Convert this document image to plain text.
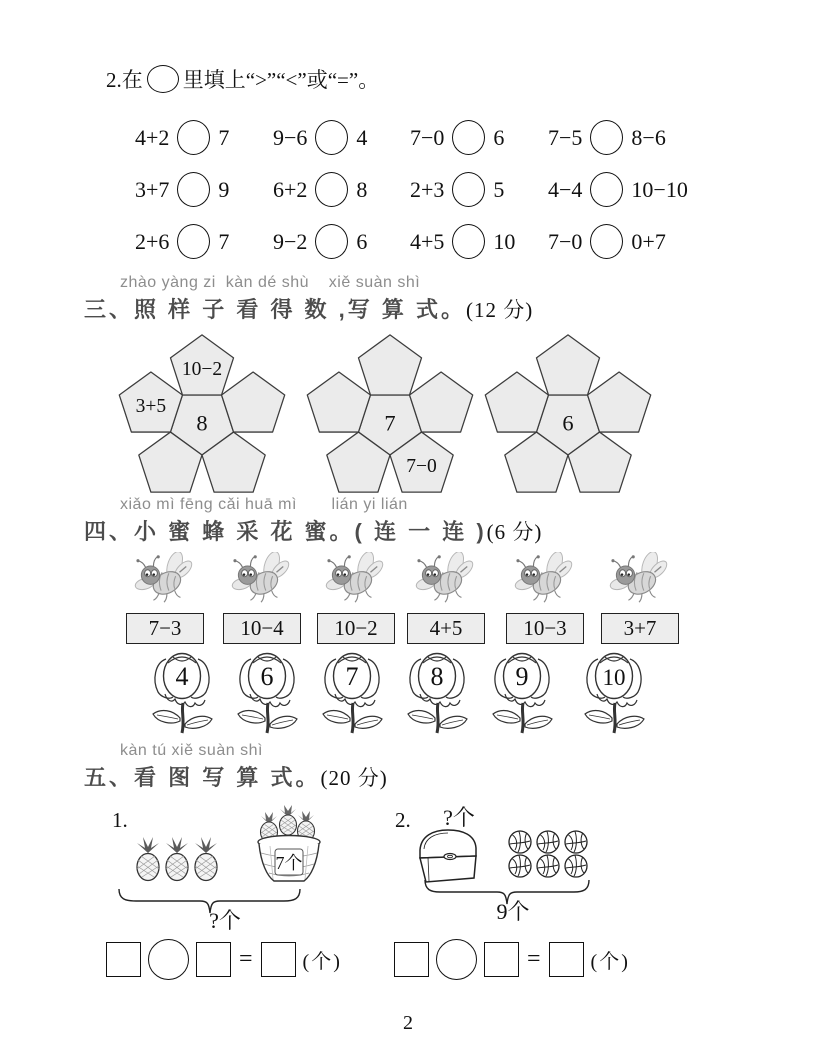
2.在 里填上“>”“<”或“=”。
4+2 7 9−6 4 7−0 6 7−5 8−6
3+7 9 6+2 8 2+3 5 4−4 10−10
2+6 7 9−2 6 4+5 10 7−0 0+7
zhào yàng zi  kàn dé shù    xiě suàn shì
三、照 样 子 看 得 数 ,写 算 式。(12 分)
8
3+5
10−2
7
7−0
6
xiǎo mì fēng cǎi huā mì       lián yi lián
四、小 蜜 蜂 采 花 蜜。( 连 一 连 )(6 分)
7−3	10−4	10−2	4+5	10−3	3+7
4	6	7	8	9	10
kàn tú xiě suàn shì
五、看 图 写 算 式。(20 分)
1.
7个
?个
2.	?个
9个
=	(个)	=	(个)
2
